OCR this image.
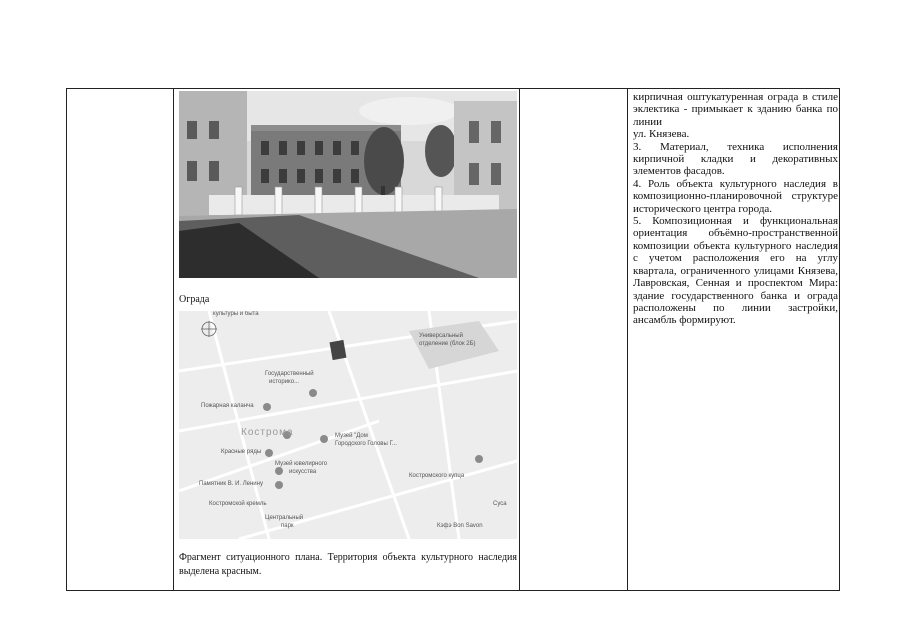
Ограда
культуры и быта
Универсальный
отделение (блок 2Б)
Государственный
историко...
Пожарная каланча
Кострома	Музей "Дом
Городского Головы Г...
Красные ряды
Музей ювелирного
искусства
Костромского купца
Памятник В. И. Ленину
Костромской кремль	Суса
Центральный
парк	Кэфэ Bon Savon
Фрагмент ситуационного плана. Территория объекта культурного наследия выделена красным.

кирпичная оштукатуренная ограда в стиле эклектика - примыкает к зданию банка по линии

ул. Князева.

3. Материал, техника исполнения кирпичной кладки и декоративных элементов фасадов.

4. Роль объекта культурного наследия в композиционно-планировочной структуре исторического центра города.

5. Композиционная и функциональная ориентация объёмно-пространственной композиции объекта культурного наследия с учетом расположения его на углу квартала, ограниченного улицами Князева, Лавровская, Сенная и проспектом Мира: здание государственного банка и ограда расположены по линии застройки, ансамбль формируют.
